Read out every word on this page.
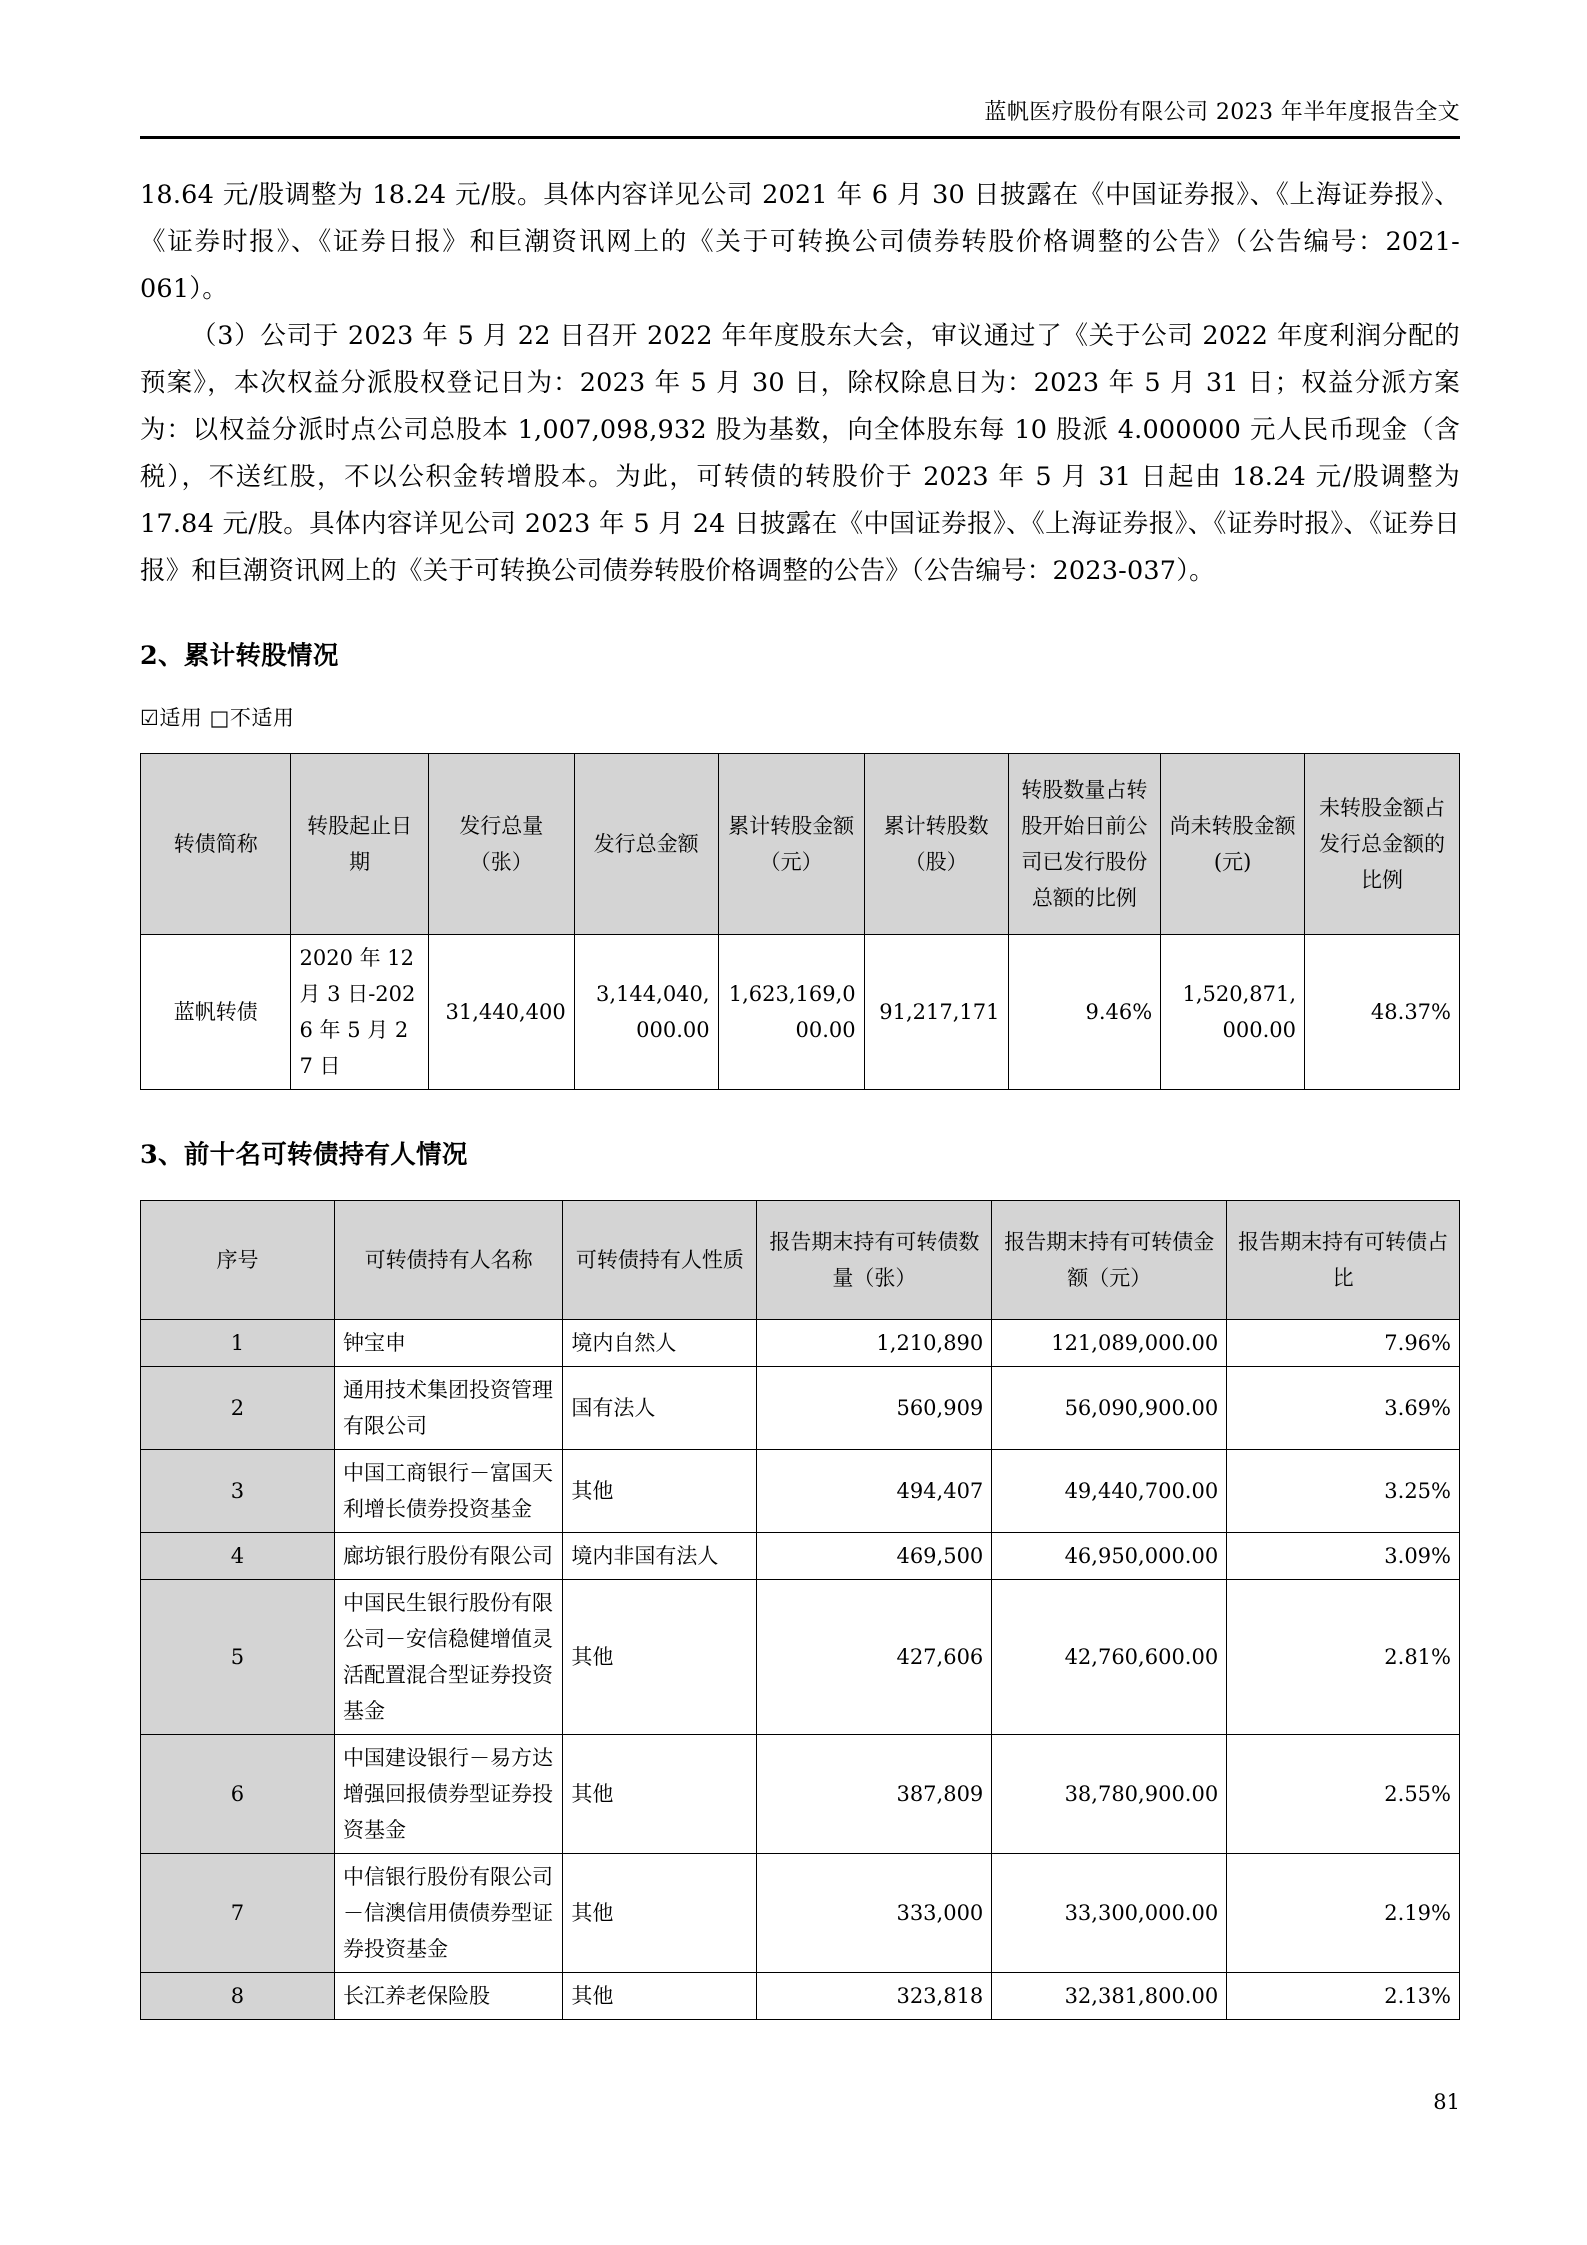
蓝帆医疗股份有限公司 2023 年半年度报告全文

18.64 元/股调整为 18.24 元/股。具体内容详见公司 2021 年 6 月 30 日披露在《中国证券报》、《上海证券报》、《证券时报》、《证券日报》和巨潮资讯网上的《关于可转换公司债券转股价格调整的公告》（公告编号：2021-061）。

（3）公司于 2023 年 5 月 22 日召开 2022 年年度股东大会，审议通过了《关于公司 2022 年度利润分配的预案》，本次权益分派股权登记日为：2023 年 5 月 30 日，除权除息日为：2023 年 5 月 31 日；权益分派方案为：以权益分派时点公司总股本 1,007,098,932 股为基数，向全体股东每 10 股派 4.000000 元人民币现金（含税），不送红股，不以公积金转增股本。为此，可转债的转股价于 2023 年 5 月 31 日起由 18.24 元/股调整为 17.84 元/股。具体内容详见公司 2023 年 5 月 24 日披露在《中国证券报》、《上海证券报》、《证券时报》、《证券日报》和巨潮资讯网上的《关于可转换公司债券转股价格调整的公告》（公告编号：2023-037）。

2、累计转股情况

☑适用 □不适用
转债简称	转股起止日期	发行总量（张）	发行总金额	累计转股金额（元）	累计转股数（股）	转股数量占转股开始日前公司已发行股份总额的比例	尚未转股金额(元)	未转股金额占发行总金额的比例
蓝帆转债	2020 年 12 月 3 日-2026 年 5 月 27 日	31,440,400	3,144,040,000.00	1,623,169,000.00	91,217,171	9.46%	1,520,871,000.00	48.37%

3、前十名可转债持有人情况

序号	可转债持有人名称	可转债持有人性质	报告期末持有可转债数量（张）	报告期末持有可转债金额（元）	报告期末持有可转债占比
1	钟宝申	境内自然人	1,210,890	121,089,000.00	7.96%
2	通用技术集团投资管理有限公司	国有法人	560,909	56,090,900.00	3.69%
3	中国工商银行－富国天利增长债券投资基金	其他	494,407	49,440,700.00	3.25%
4	廊坊银行股份有限公司	境内非国有法人	469,500	46,950,000.00	3.09%
5	中国民生银行股份有限公司－安信稳健增值灵活配置混合型证券投资基金	其他	427,606	42,760,600.00	2.81%
6	中国建设银行－易方达增强回报债券型证券投资基金	其他	387,809	38,780,900.00	2.55%
7	中信银行股份有限公司－信澳信用债债券型证券投资基金	其他	333,000	33,300,000.00	2.19%
8	长江养老保险股	其他	323,818	32,381,800.00	2.13%
81
